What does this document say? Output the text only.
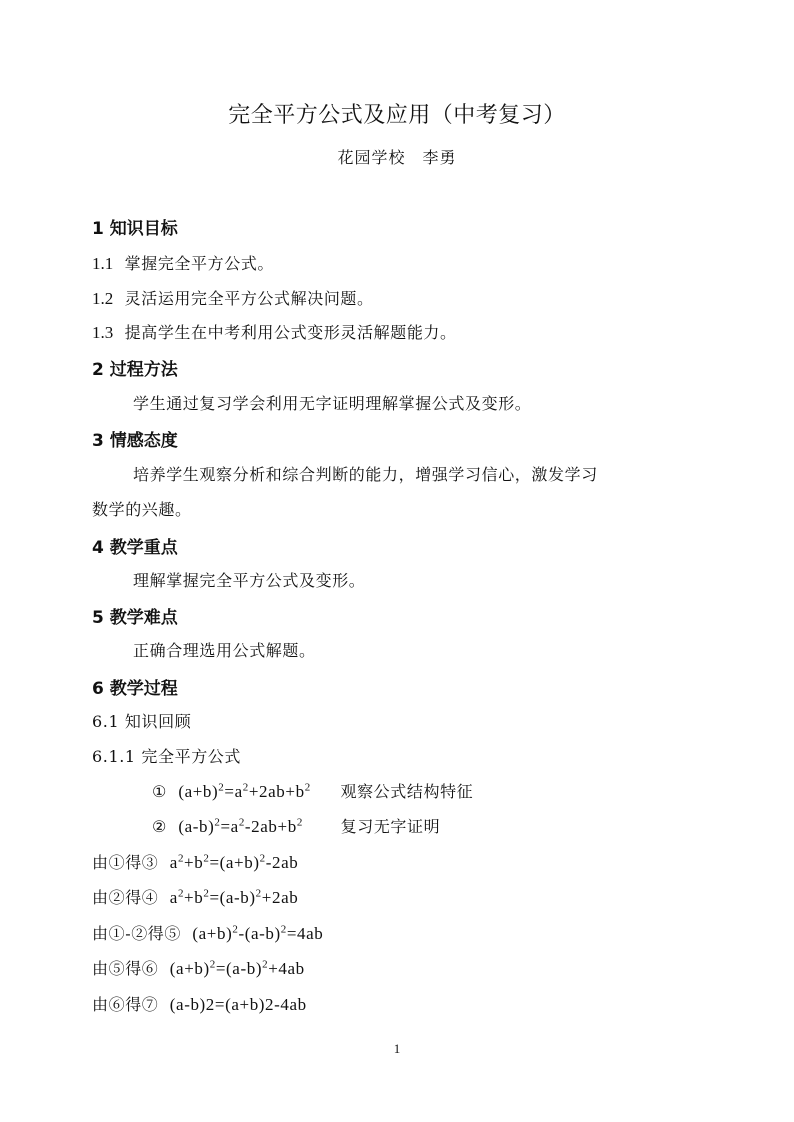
完全平方公式及应用（中考复习）
花园学校　李勇
1 知识目标
1.1 掌握完全平方公式。
1.2 灵活运用完全平方公式解决问题。
1.3 提高学生在中考利用公式变形灵活解题能力。
2 过程方法
学生通过复习学会利用无字证明理解掌握公式及变形。
3 情感态度
培养学生观察分析和综合判断的能力，增强学习信心，激发学习
数学的兴趣。
4 教学重点
理解掌握完全平方公式及变形。
5 教学难点
正确合理选用公式解题。
6 教学过程
6.1 知识回顾
6.1.1 完全平方公式
① $(a+b)^2=a^2+2ab+b^2$ 观察公式结构特征
② $(a-b)^2=a^2-2ab+b^2$ 复习无字证明
由①得③ $a^2+b^2=(a+b)^2-2ab$
由②得④ $a^2+b^2=(a-b)^2+2ab$
由①-②得⑤ $(a+b)^2-(a-b)^2=4ab$
由⑤得⑥ $(a+b)^2=(a-b)^2+4ab$
由⑥得⑦ (a-b)2=(a+b)2-4ab
1
